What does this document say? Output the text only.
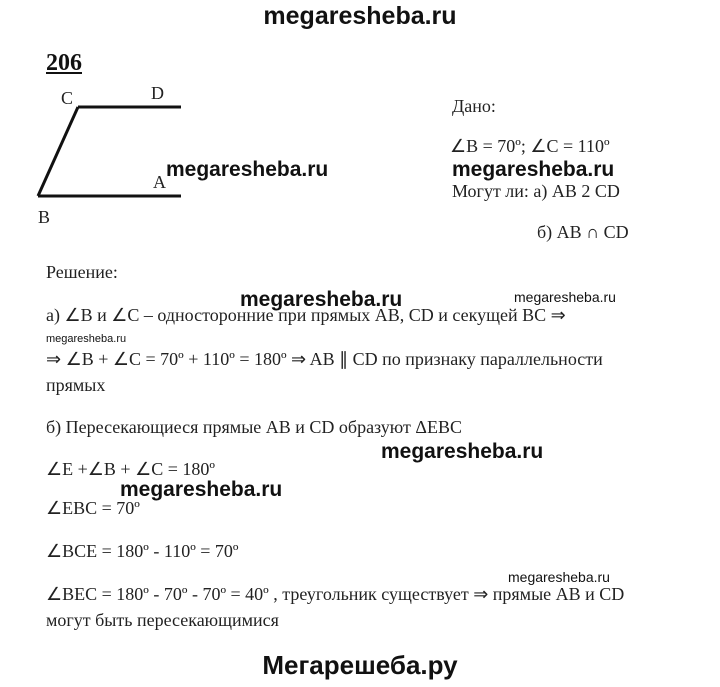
megaresheba.ru
206
C	D
A
B
Дано:
∠B = 70º; ∠C = 110º
Могут ли: а) AB 2 CD
б) AB ∩ CD
Решение:
а) ∠B и ∠C – односторонние при прямых AB, CD и секущей BC ⇒
⇒ ∠B + ∠C = 70º + 110º = 180º ⇒ AB ∥ CD по признаку параллельности
прямых
б) Пересекающиеся прямые AB и CD образуют ΔEBC
∠E +∠B + ∠C = 180º
∠EBC = 70º
∠BCE = 180º - 110º = 70º
∠BEC = 180º - 70º - 70º = 40º , треугольник существует ⇒ прямые AB и CD
могут быть пересекающимися
megaresheba.ru	megaresheba.ru
megaresheba.ru	megaresheba.ru
megaresheba.ru
megaresheba.ru
megaresheba.ru
megaresheba.ru
Мегарешеба.ру
